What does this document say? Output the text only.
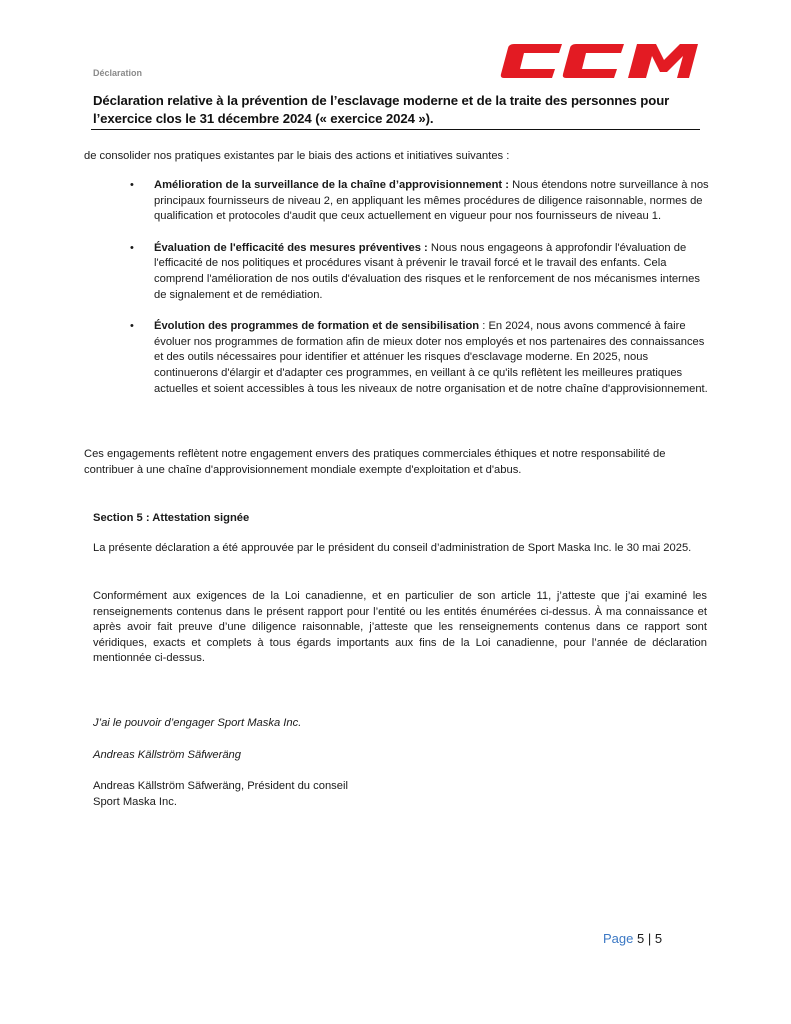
Déclaration
Déclaration relative à la prévention de l’esclavage moderne et de la traite des personnes pour l’exercice clos le 31 décembre 2024 (« exercice 2024 »).
de consolider nos pratiques existantes par le biais des actions et initiatives suivantes :
• Amélioration de la surveillance de la chaîne d’approvisionnement : Nous étendons notre surveillance à nos principaux fournisseurs de niveau 2, en appliquant les mêmes procédures de diligence raisonnable, normes de qualification et protocoles d'audit que ceux actuellement en vigueur pour nos fournisseurs de niveau 1.
• Évaluation de l'efficacité des mesures préventives : Nous nous engageons à approfondir l'évaluation de l'efficacité de nos politiques et procédures visant à prévenir le travail forcé et le travail des enfants. Cela comprend l'amélioration de nos outils d'évaluation des risques et le renforcement de nos mécanismes internes de signalement et de remédiation.
• Évolution des programmes de formation et de sensibilisation : En 2024, nous avons commencé à faire évoluer nos programmes de formation afin de mieux doter nos employés et nos partenaires des connaissances et des outils nécessaires pour identifier et atténuer les risques d'esclavage moderne. En 2025, nous continuerons d'élargir et d'adapter ces programmes, en veillant à ce qu'ils reflètent les meilleures pratiques actuelles et soient accessibles à tous les niveaux de notre organisation et de notre chaîne d'approvisionnement.
Ces engagements reflètent notre engagement envers des pratiques commerciales éthiques et notre responsabilité de contribuer à une chaîne d'approvisionnement mondiale exempte d'exploitation et d'abus.
Section 5 : Attestation signée
La présente déclaration a été approuvée par le président du conseil d’administration de Sport Maska Inc. le 30 mai 2025.
Conformément aux exigences de la Loi canadienne, et en particulier de son article 11, j’atteste que j’ai examiné les renseignements contenus dans le présent rapport pour l’entité ou les entités énumérées ci-dessus. À ma connaissance et après avoir fait preuve d’une diligence raisonnable, j’atteste que les renseignements contenus dans ce rapport sont véridiques, exacts et complets à tous égards importants aux fins de la Loi canadienne, pour l’année de déclaration mentionnée ci-dessus.
J’ai le pouvoir d’engager Sport Maska Inc.
Andreas Källström Säfweräng
Andreas Källström Säfweräng, Président du conseil
Sport Maska Inc.
Page 5 | 5
